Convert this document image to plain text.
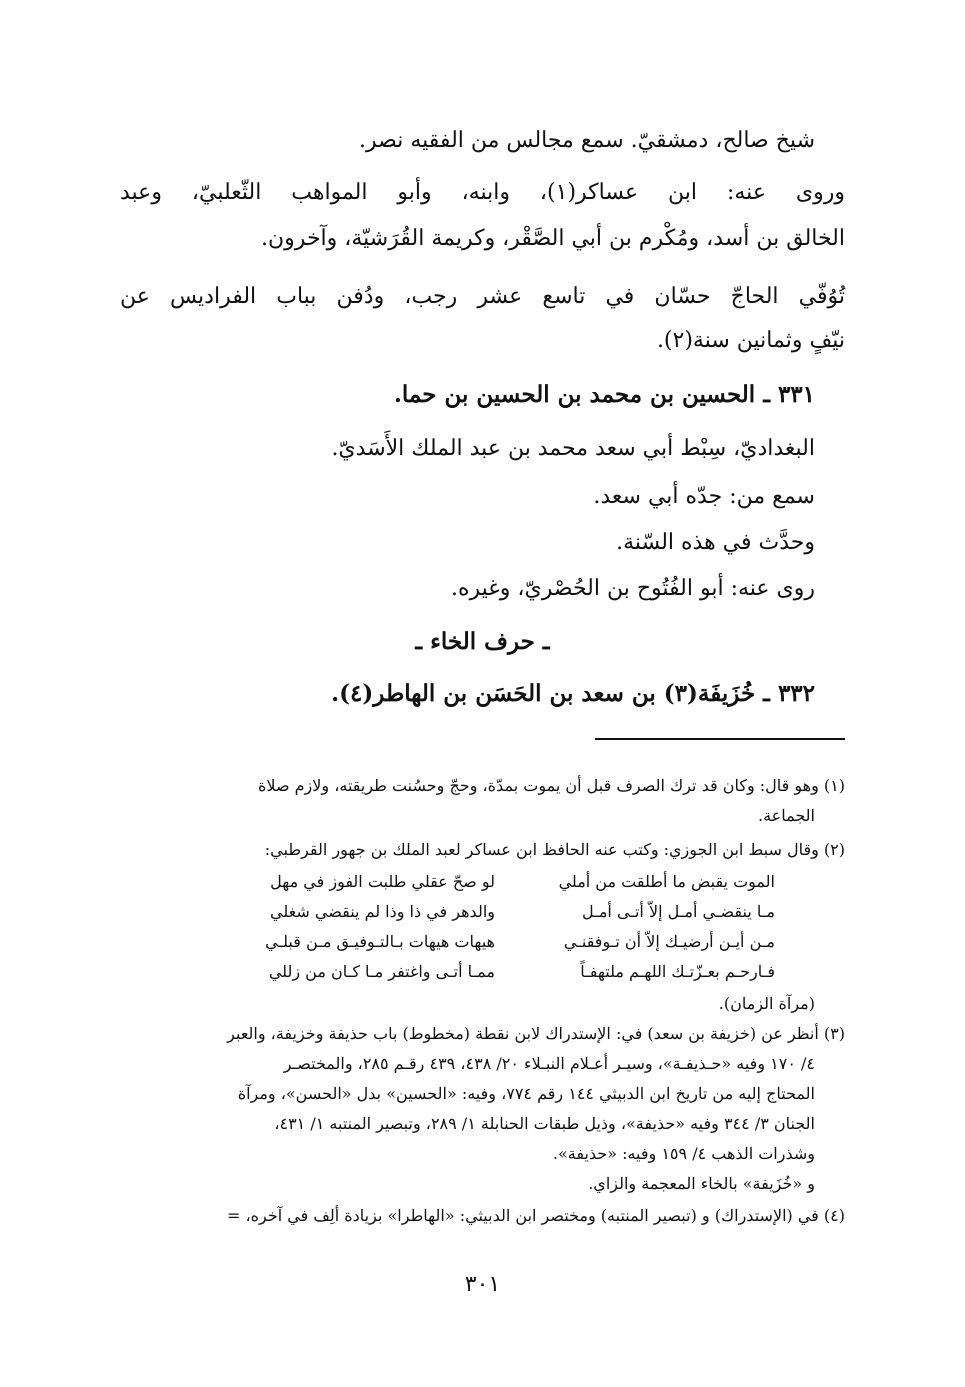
شيخ صالح، دمشقيّ. سمع مجالس من الفقيه نصر.
وروى عنه: ابن عساكر(١)، وابنه، وأبو المواهب الثّعلبيّ، وعبد
الخالق بن أسد، ومُكْرم بن أبي الصَّقْر، وكريمة القُرَشيّة، وآخرون.
تُوُفّي الحاجّ حسّان في تاسع عشر رجب، ودُفن بباب الفراديس عن
نيّفٍ وثمانين سنة(٢).
٣٣١ ـ الحسين بن محمد بن الحسين بن حما.
البغداديّ، سِبْط أبي سعد محمد بن عبد الملك الأَسَديّ.
سمع من: جدّه أبي سعد.
وحدَّث في هذه السّنة.
روى عنه: أبو الفُتُوح بن الحُصْريّ، وغيره.
ـ حرف الخاء ـ
٣٣٢ ـ خُزَيفَة(٣) بن سعد بن الحَسَن بن الهاطر(٤).
(١) وهو قال: وكان قد ترك الصرف قبل أن يموت بمدّة، وحجّ وحسُنت طريقته، ولازم صلاة
الجماعة.
(٢) وقال سبط ابن الجوزي: وكتب عنه الحافظ ابن عساكر لعبد الملك بن جهور القرطبي:
الموت يقبض ما أطلقت من أملي
لو صحّ عقلي طلبت الفوز في مهل
مـا ينقضـي أمـل إلاّ أتـى أمـل
والدهر في ذا وذا لم ينقضي شغلي
مـن أيـن أرضيـك إلاّ أن تـوفقنـي
هيهات هيهات بـالتـوفيـق مـن قبلـي
فـارحـم بعـزّتـك اللهـم ملتهفـاً
ممـا أتـى واغتفر مـا كـان من زللي
(مرآة الزمان).
(٣) أنظر عن (خزيفة بن سعد) في: الإستدراك لابن نقطة (مخطوط) باب حذيفة وخزيفة، والعبر
٤/ ١٧٠ وفيه «حـذيفـة»، وسيـر أعـلام النبـلاء ٢٠/ ٤٣٨، ٤٣٩ رقـم ٢٨٥، والمختصـر
المحتاج إليه من تاريخ ابن الدبيثي ١٤٤ رقم ٧٧٤، وفيه: «الحسين» بدل «الحسن»، ومرآة
الجنان ٣/ ٣٤٤ وفيه «حذيفة»، وذيل طبقات الحنابلة ١/ ٢٨٩، وتبصير المنتبه ١/ ٤٣١،
وشذرات الذهب ٤/ ١٥٩ وفيه: «حذيفة».
و «خُزَيفة» بالخاء المعجمة والزاي.
(٤) في (الإستدراك) و (تبصير المنتبه) ومختصر ابن الدبيثي: «الهاطرا» بزيادة ألِف في آخره، =
٣٠١
